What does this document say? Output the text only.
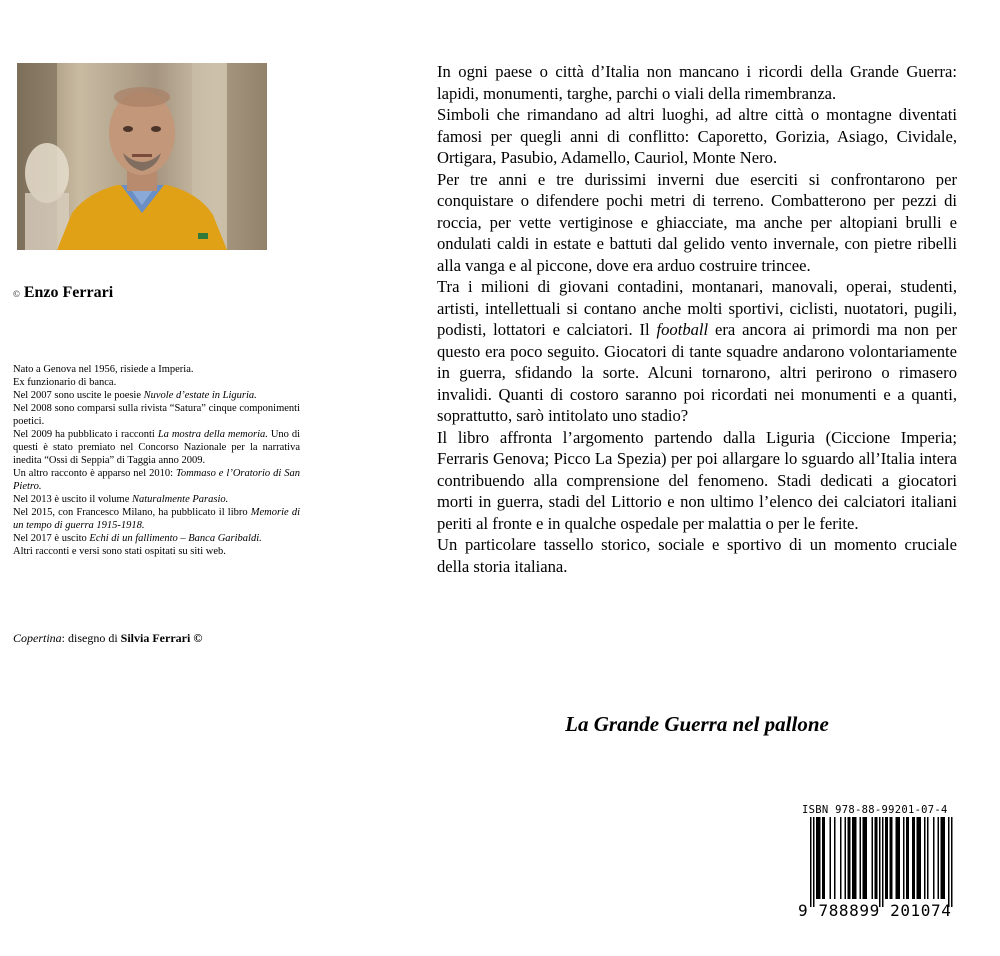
© Enzo Ferrari

Nato a Genova nel 1956, risiede a Imperia.

Ex funzionario di banca.

Nel 2007 sono uscite le poesie Nuvole d’estate in Liguria.

Nel 2008 sono comparsi sulla rivista “Satura” cinque componimenti poetici.

Nel 2009 ha pubblicato i racconti La mostra della memoria. Uno di questi è stato premiato nel Concorso Nazionale per la narrativa inedita “Ossi di Seppia” di Taggia anno 2009.

Un altro racconto è apparso nel 2010: Tommaso e l’Oratorio di San Pietro.

Nel 2013 è uscito il volume Naturalmente Parasio.

Nel 2015, con Francesco Milano, ha pubblicato il libro Memorie di un tempo di guerra 1915-1918.

Nel 2017 è uscito Echi di un fallimento – Banca Garibaldi.

Altri racconti e versi sono stati ospitati su siti web.

Copertina: disegno di Silvia Ferrari ©

In ogni paese o città d’Italia non mancano i ricordi della Grande Guerra: lapidi, monumenti, targhe, parchi o viali della rimembranza.

Simboli che rimandano ad altri luoghi, ad altre città o montagne diventati famosi per quegli anni di conflitto: Caporetto, Gorizia, Asiago, Cividale, Ortigara, Pasubio, Adamello, Cauriol, Monte Nero.

Per tre anni e tre durissimi inverni due eserciti si confrontarono per conquistare o difendere pochi metri di terreno. Combatterono per pezzi di roccia, per vette vertiginose e ghiacciate, ma anche per altopiani brulli e ondulati caldi in estate e battuti dal gelido vento invernale, con pietre ribelli alla vanga e al piccone, dove era arduo costruire trincee.

Tra i milioni di giovani contadini, montanari, manovali, operai, studenti, artisti, intellettuali si contano anche molti sportivi, ciclisti, nuotatori, pugili, podisti, lottatori e calciatori. Il football era ancora ai primordi ma non per questo era poco seguito. Giocatori di tante squadre andarono volontariamente in guerra, sfidando la sorte. Alcuni tornarono, altri perirono o rimasero invalidi. Quanti di costoro saranno poi ricordati nei monumenti e a quanti, soprattutto, sarò intitolato uno stadio?

Il libro affronta l’argomento partendo dalla Liguria (Ciccione Imperia; Ferraris Genova; Picco La Spezia) per poi allargare lo sguardo all’Italia intera contribuendo alla comprensione del fenomeno. Stadi dedicati a giocatori morti in guerra, stadi del Littorio e non ultimo l’elenco dei calciatori italiani periti al fronte e in qualche ospedale per malattia o per le ferite.

Un particolare tassello storico, sociale e sportivo di un momento cruciale della storia italiana.

La Grande Guerra nel pallone
ISBN 978-88-99201-07-4
9 788899 201074
